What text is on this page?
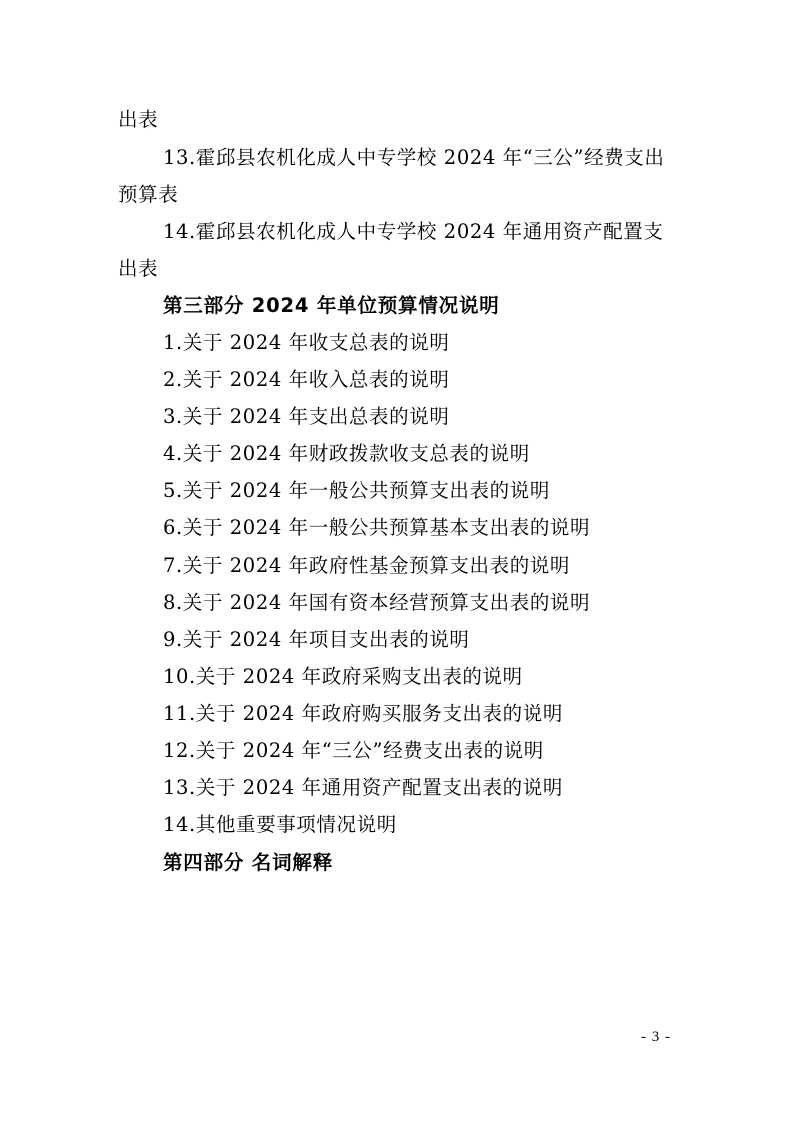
出表
13.霍邱县农机化成人中专学校 2024 年“三公”经费支出
预算表
14.霍邱县农机化成人中专学校 2024 年通用资产配置支
出表
第三部分 2024 年单位预算情况说明
1.关于 2024 年收支总表的说明
2.关于 2024 年收入总表的说明
3.关于 2024 年支出总表的说明
4.关于 2024 年财政拨款收支总表的说明
5.关于 2024 年一般公共预算支出表的说明
6.关于 2024 年一般公共预算基本支出表的说明
7.关于 2024 年政府性基金预算支出表的说明
8.关于 2024 年国有资本经营预算支出表的说明
9.关于 2024 年项目支出表的说明
10.关于 2024 年政府采购支出表的说明
11.关于 2024 年政府购买服务支出表的说明
12.关于 2024 年“三公”经费支出表的说明
13.关于 2024 年通用资产配置支出表的说明
14.其他重要事项情况说明
第四部分 名词解释
- 3 -
